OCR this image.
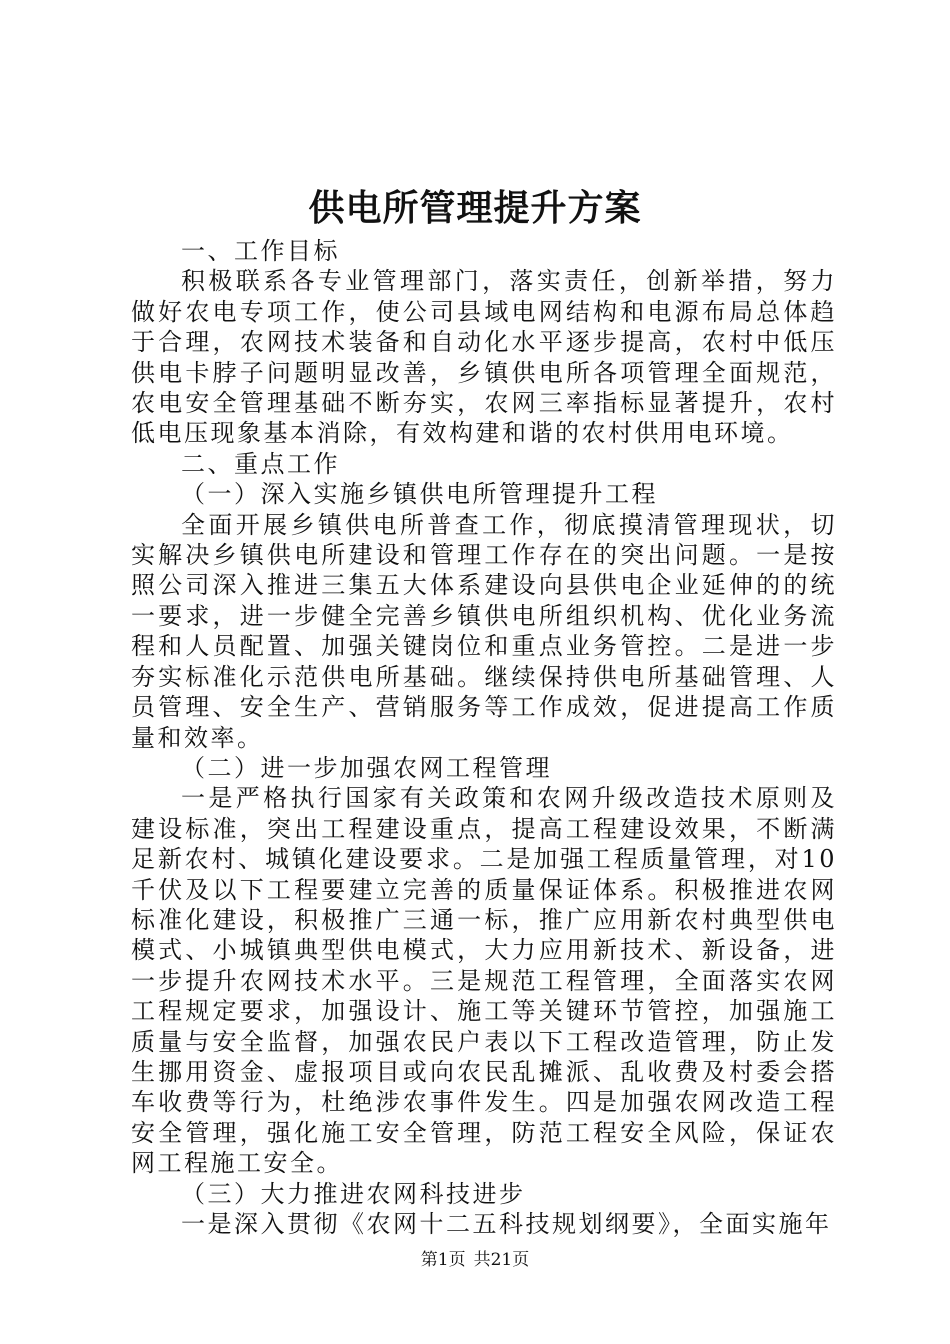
供电所管理提升方案

一、工作目标

积极联系各专业管理部门，落实责任，创新举措，努力做好农电专项工作，使公司县域电网结构和电源布局总体趋于合理，农网技术装备和自动化水平逐步提高，农村中低压供电卡脖子问题明显改善，乡镇供电所各项管理全面规范，农电安全管理基础不断夯实，农网三率指标显著提升，农村低电压现象基本消除，有效构建和谐的农村供用电环境。

二、重点工作

（一）深入实施乡镇供电所管理提升工程

全面开展乡镇供电所普查工作，彻底摸清管理现状，切实解决乡镇供电所建设和管理工作存在的突出问题。一是按照公司深入推进三集五大体系建设向县供电企业延伸的的统一要求，进一步健全完善乡镇供电所组织机构、优化业务流程和人员配置、加强关键岗位和重点业务管控。二是进一步夯实标准化示范供电所基础。继续保持供电所基础管理、人员管理、安全生产、营销服务等工作成效，促进提高工作质量和效率。

（二）进一步加强农网工程管理

一是严格执行国家有关政策和农网升级改造技术原则及建设标准，突出工程建设重点，提高工程建设效果，不断满足新农村、城镇化建设要求。二是加强工程质量管理，对10千伏及以下工程要建立完善的质量保证体系。积极推进农网标准化建设，积极推广三通一标，推广应用新农村典型供电模式、小城镇典型供电模式，大力应用新技术、新设备，进一步提升农网技术水平。三是规范工程管理，全面落实农网工程规定要求，加强设计、施工等关键环节管控，加强施工质量与安全监督，加强农民户表以下工程改造管理，防止发生挪用资金、虚报项目或向农民乱摊派、乱收费及村委会搭车收费等行为，杜绝涉农事件发生。四是加强农网改造工程安全管理，强化施工安全管理，防范工程安全风险，保证农网工程施工安全。

（三）大力推进农网科技进步

一是深入贯彻《农网十二五科技规划纲要》，全面实施年

第1页 共21页
